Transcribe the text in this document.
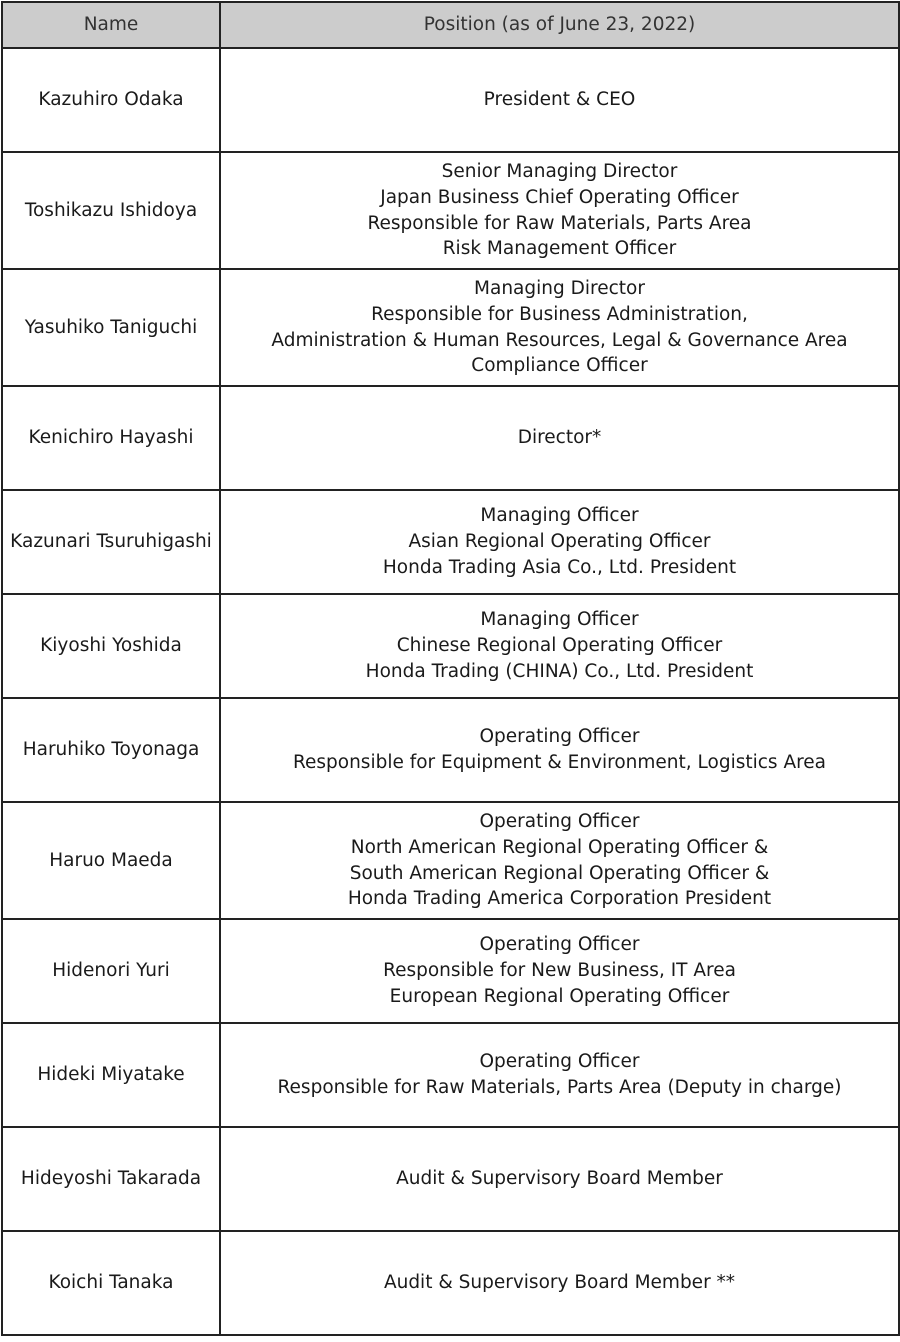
Name	Position (as of June 23, 2022)
Kazuhiro Odaka	President & CEO

Toshikazu Ishidoya	Senior Managing Director
Japan Business Chief Operating Officer
Responsible for Raw Materials, Parts Area
Risk Management Officer

Yasuhiko Taniguchi	Managing Director
Responsible for Business Administration,
Administration & Human Resources, Legal & Governance Area
Compliance Officer

Kenichiro Hayashi	Director*

Kazunari Tsuruhigashi	Managing Officer
Asian Regional Operating Officer
Honda Trading Asia Co., Ltd. President

Kiyoshi Yoshida	Managing Officer
Chinese Regional Operating Officer
Honda Trading (CHINA) Co., Ltd. President

Haruhiko Toyonaga	Operating Officer
Responsible for Equipment & Environment, Logistics Area

Haruo Maeda	Operating Officer
North American Regional Operating Officer &
South American Regional Operating Officer &
Honda Trading America Corporation President

Hidenori Yuri	Operating Officer
Responsible for New Business, IT Area
European Regional Operating Officer

Hideki Miyatake	Operating Officer
Responsible for Raw Materials, Parts Area (Deputy in charge)

Hideyoshi Takarada	Audit & Supervisory Board Member

Koichi Tanaka	Audit & Supervisory Board Member **
